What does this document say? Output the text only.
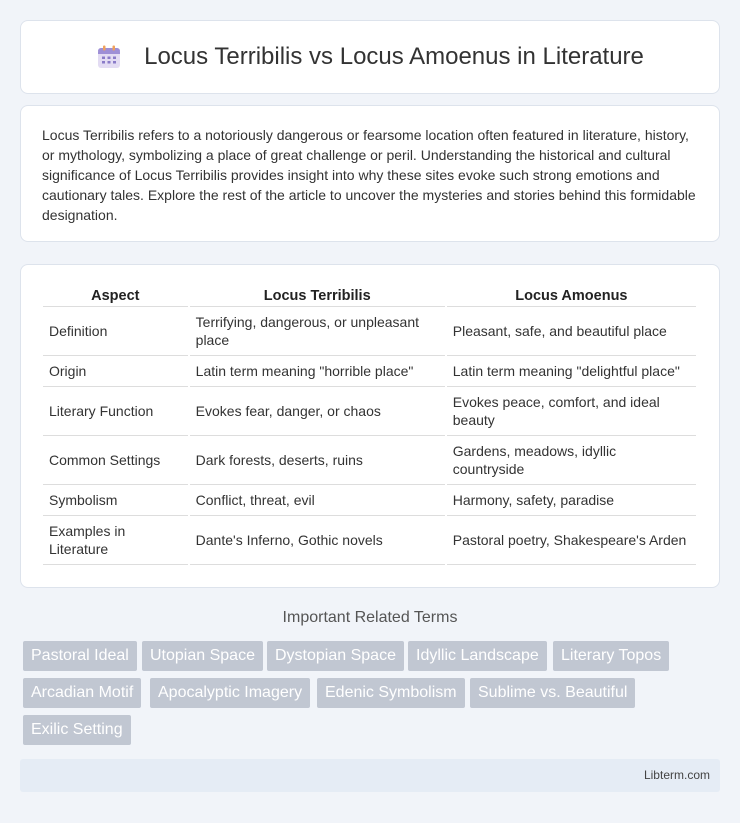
Locus Terribilis vs Locus Amoenus in Literature

Locus Terribilis refers to a notoriously dangerous or fearsome location often featured in literature, history, or mythology, symbolizing a place of great challenge or peril. Understanding the historical and cultural significance of Locus Terribilis provides insight into why these sites evoke such strong emotions and cautionary tales. Explore the rest of the article to uncover the mysteries and stories behind this formidable designation.

Aspect	Locus Terribilis	Locus Amoenus
Definition	Terrifying, dangerous, or unpleasant place	Pleasant, safe, and beautiful place
Origin	Latin term meaning "horrible place"	Latin term meaning "delightful place"
Literary Function	Evokes fear, danger, or chaos	Evokes peace, comfort, and ideal beauty
Common Settings	Dark forests, deserts, ruins	Gardens, meadows, idyllic countryside
Symbolism	Conflict, threat, evil	Harmony, safety, paradise
Examples in Literature	Dante's Inferno, Gothic novels	Pastoral poetry, Shakespeare's Arden
Important Related Terms
Pastoral Ideal	Utopian Space	Dystopian Space	Idyllic Landscape	Literary Topos
Arcadian Motif	Apocalyptic Imagery	Edenic Symbolism	Sublime vs. Beautiful
Exilic Setting
Libterm.com
